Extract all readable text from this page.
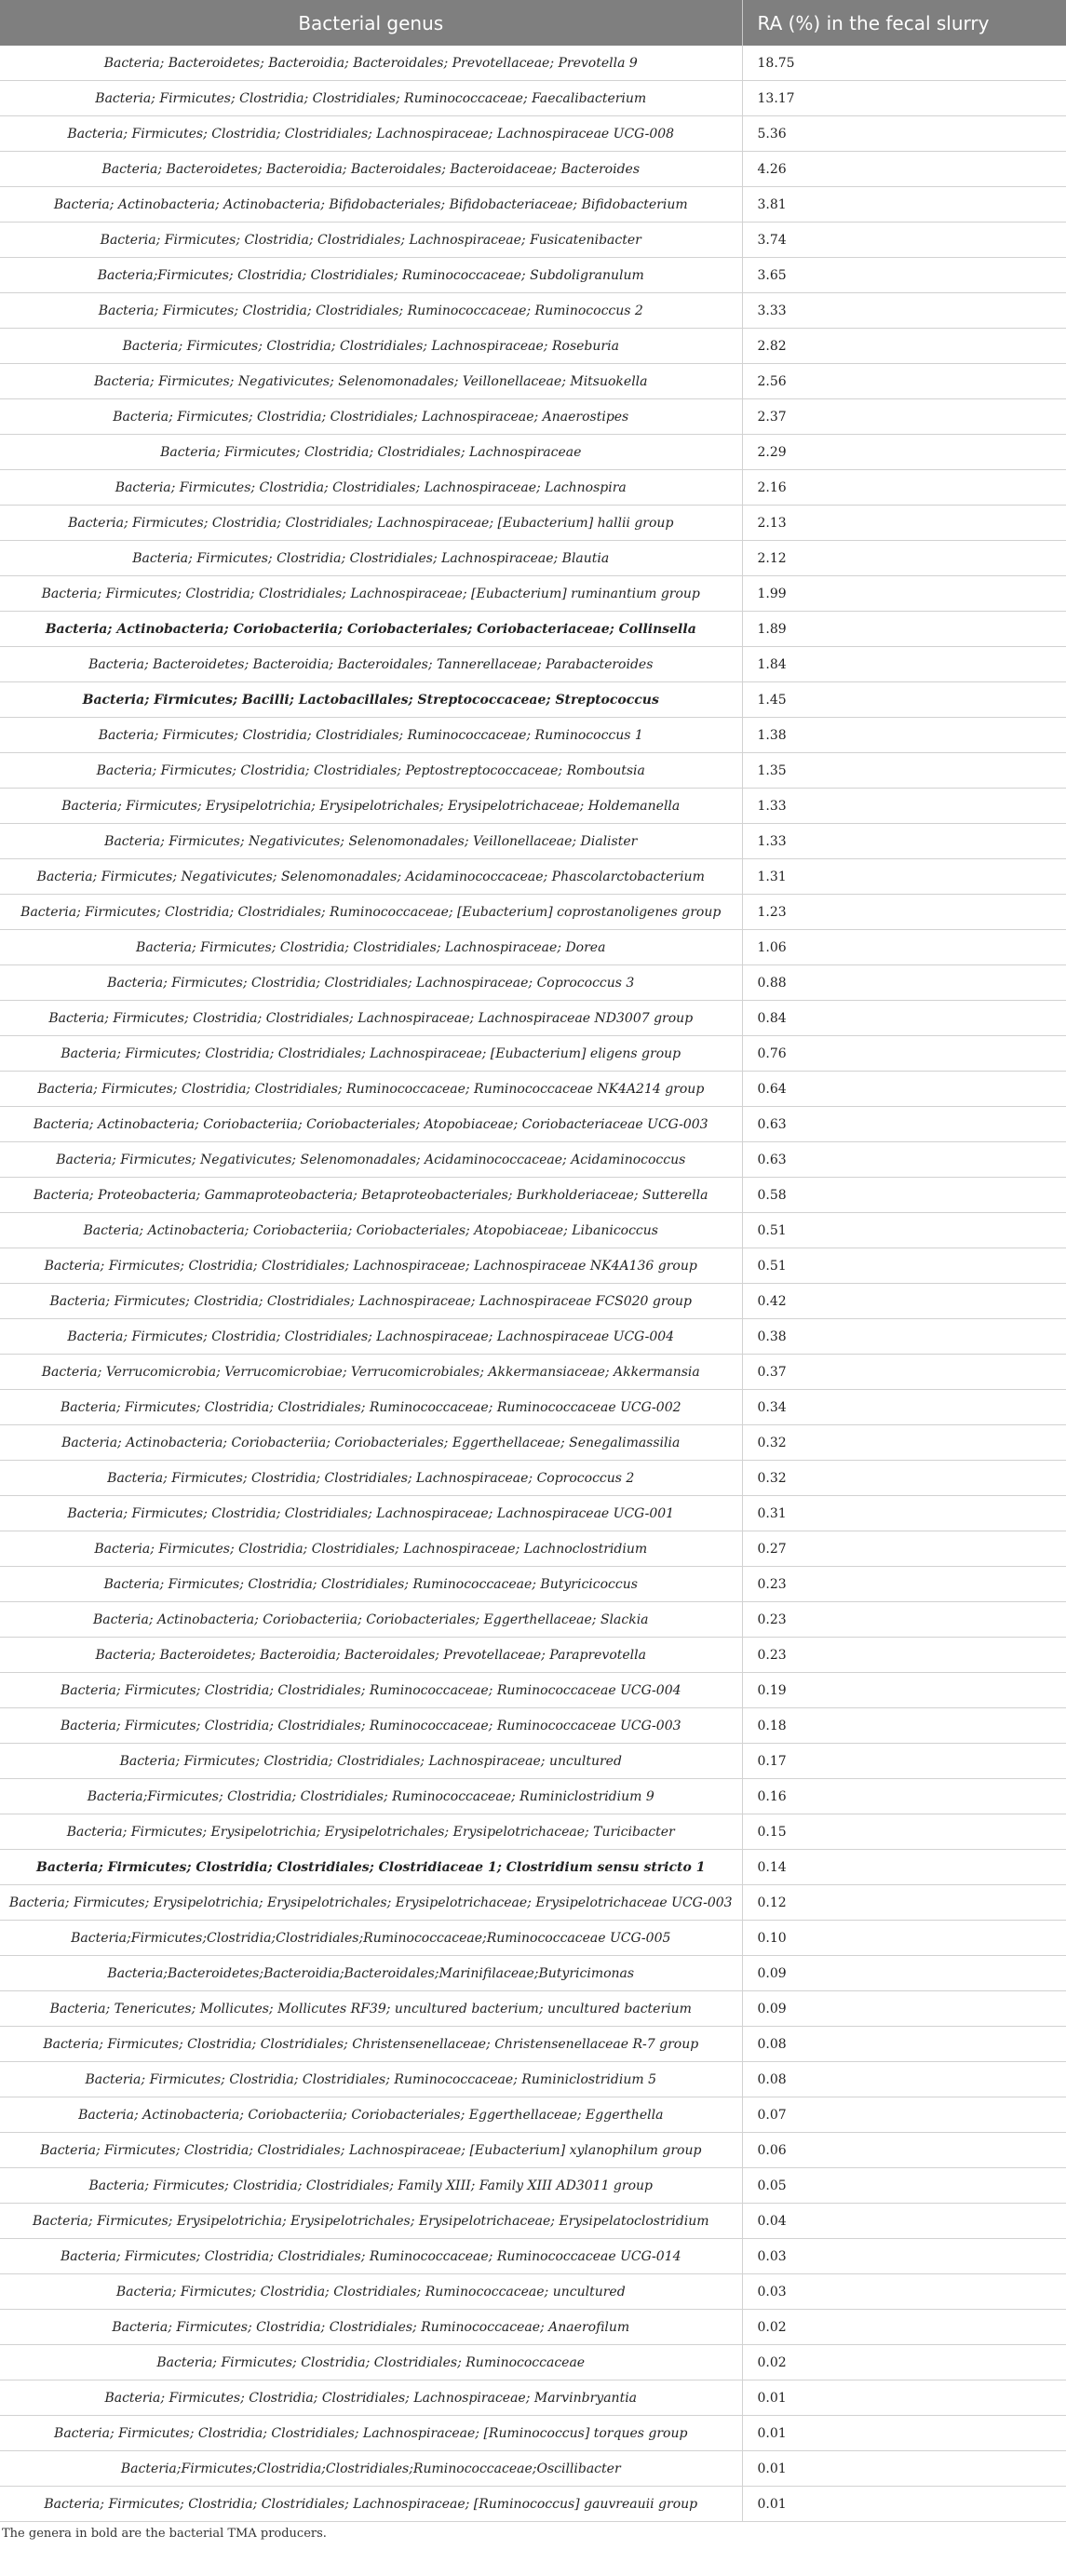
Bacterial genus	RA (%) in the fecal slurry
Bacteria; Bacteroidetes; Bacteroidia; Bacteroidales; Prevotellaceae; Prevotella 9	18.75
Bacteria; Firmicutes; Clostridia; Clostridiales; Ruminococcaceae; Faecalibacterium	13.17
Bacteria; Firmicutes; Clostridia; Clostridiales; Lachnospiraceae; Lachnospiraceae UCG-008	5.36
Bacteria; Bacteroidetes; Bacteroidia; Bacteroidales; Bacteroidaceae; Bacteroides	4.26
Bacteria; Actinobacteria; Actinobacteria; Bifidobacteriales; Bifidobacteriaceae; Bifidobacterium	3.81
Bacteria; Firmicutes; Clostridia; Clostridiales; Lachnospiraceae; Fusicatenibacter	3.74
Bacteria;Firmicutes; Clostridia; Clostridiales; Ruminococcaceae; Subdoligranulum	3.65
Bacteria; Firmicutes; Clostridia; Clostridiales; Ruminococcaceae; Ruminococcus 2	3.33
Bacteria; Firmicutes; Clostridia; Clostridiales; Lachnospiraceae; Roseburia	2.82
Bacteria; Firmicutes; Negativicutes; Selenomonadales; Veillonellaceae; Mitsuokella	2.56
Bacteria; Firmicutes; Clostridia; Clostridiales; Lachnospiraceae; Anaerostipes	2.37
Bacteria; Firmicutes; Clostridia; Clostridiales; Lachnospiraceae	2.29
Bacteria; Firmicutes; Clostridia; Clostridiales; Lachnospiraceae; Lachnospira	2.16
Bacteria; Firmicutes; Clostridia; Clostridiales; Lachnospiraceae; [Eubacterium] hallii group	2.13
Bacteria; Firmicutes; Clostridia; Clostridiales; Lachnospiraceae; Blautia	2.12
Bacteria; Firmicutes; Clostridia; Clostridiales; Lachnospiraceae; [Eubacterium] ruminantium group	1.99
Bacteria; Actinobacteria; Coriobacteriia; Coriobacteriales; Coriobacteriaceae; Collinsella	1.89
Bacteria; Bacteroidetes; Bacteroidia; Bacteroidales; Tannerellaceae; Parabacteroides	1.84
Bacteria; Firmicutes; Bacilli; Lactobacillales; Streptococcaceae; Streptococcus	1.45
Bacteria; Firmicutes; Clostridia; Clostridiales; Ruminococcaceae; Ruminococcus 1	1.38
Bacteria; Firmicutes; Clostridia; Clostridiales; Peptostreptococcaceae; Romboutsia	1.35
Bacteria; Firmicutes; Erysipelotrichia; Erysipelotrichales; Erysipelotrichaceae; Holdemanella	1.33
Bacteria; Firmicutes; Negativicutes; Selenomonadales; Veillonellaceae; Dialister	1.33
Bacteria; Firmicutes; Negativicutes; Selenomonadales; Acidaminococcaceae; Phascolarctobacterium	1.31
Bacteria; Firmicutes; Clostridia; Clostridiales; Ruminococcaceae; [Eubacterium] coprostanoligenes group	1.23
Bacteria; Firmicutes; Clostridia; Clostridiales; Lachnospiraceae; Dorea	1.06
Bacteria; Firmicutes; Clostridia; Clostridiales; Lachnospiraceae; Coprococcus 3	0.88
Bacteria; Firmicutes; Clostridia; Clostridiales; Lachnospiraceae; Lachnospiraceae ND3007 group	0.84
Bacteria; Firmicutes; Clostridia; Clostridiales; Lachnospiraceae; [Eubacterium] eligens group	0.76
Bacteria; Firmicutes; Clostridia; Clostridiales; Ruminococcaceae; Ruminococcaceae NK4A214 group	0.64
Bacteria; Actinobacteria; Coriobacteriia; Coriobacteriales; Atopobiaceae; Coriobacteriaceae UCG-003	0.63
Bacteria; Firmicutes; Negativicutes; Selenomonadales; Acidaminococcaceae; Acidaminococcus	0.63
Bacteria; Proteobacteria; Gammaproteobacteria; Betaproteobacteriales; Burkholderiaceae; Sutterella	0.58
Bacteria; Actinobacteria; Coriobacteriia; Coriobacteriales; Atopobiaceae; Libanicoccus	0.51
Bacteria; Firmicutes; Clostridia; Clostridiales; Lachnospiraceae; Lachnospiraceae NK4A136 group	0.51
Bacteria; Firmicutes; Clostridia; Clostridiales; Lachnospiraceae; Lachnospiraceae FCS020 group	0.42
Bacteria; Firmicutes; Clostridia; Clostridiales; Lachnospiraceae; Lachnospiraceae UCG-004	0.38
Bacteria; Verrucomicrobia; Verrucomicrobiae; Verrucomicrobiales; Akkermansiaceae; Akkermansia	0.37
Bacteria; Firmicutes; Clostridia; Clostridiales; Ruminococcaceae; Ruminococcaceae UCG-002	0.34
Bacteria; Actinobacteria; Coriobacteriia; Coriobacteriales; Eggerthellaceae; Senegalimassilia	0.32
Bacteria; Firmicutes; Clostridia; Clostridiales; Lachnospiraceae; Coprococcus 2	0.32
Bacteria; Firmicutes; Clostridia; Clostridiales; Lachnospiraceae; Lachnospiraceae UCG-001	0.31
Bacteria; Firmicutes; Clostridia; Clostridiales; Lachnospiraceae; Lachnoclostridium	0.27
Bacteria; Firmicutes; Clostridia; Clostridiales; Ruminococcaceae; Butyricicoccus	0.23
Bacteria; Actinobacteria; Coriobacteriia; Coriobacteriales; Eggerthellaceae; Slackia	0.23
Bacteria; Bacteroidetes; Bacteroidia; Bacteroidales; Prevotellaceae; Paraprevotella	0.23
Bacteria; Firmicutes; Clostridia; Clostridiales; Ruminococcaceae; Ruminococcaceae UCG-004	0.19
Bacteria; Firmicutes; Clostridia; Clostridiales; Ruminococcaceae; Ruminococcaceae UCG-003	0.18
Bacteria; Firmicutes; Clostridia; Clostridiales; Lachnospiraceae; uncultured	0.17
Bacteria;Firmicutes; Clostridia; Clostridiales; Ruminococcaceae; Ruminiclostridium 9	0.16
Bacteria; Firmicutes; Erysipelotrichia; Erysipelotrichales; Erysipelotrichaceae; Turicibacter	0.15
Bacteria; Firmicutes; Clostridia; Clostridiales; Clostridiaceae 1; Clostridium sensu stricto 1	0.14
Bacteria; Firmicutes; Erysipelotrichia; Erysipelotrichales; Erysipelotrichaceae; Erysipelotrichaceae UCG-003	0.12
Bacteria;Firmicutes;Clostridia;Clostridiales;Ruminococcaceae;Ruminococcaceae UCG-005	0.10
Bacteria;Bacteroidetes;Bacteroidia;Bacteroidales;Marinifilaceae;Butyricimonas	0.09
Bacteria; Tenericutes; Mollicutes; Mollicutes RF39; uncultured bacterium; uncultured bacterium	0.09
Bacteria; Firmicutes; Clostridia; Clostridiales; Christensenellaceae; Christensenellaceae R-7 group	0.08
Bacteria; Firmicutes; Clostridia; Clostridiales; Ruminococcaceae; Ruminiclostridium 5	0.08
Bacteria; Actinobacteria; Coriobacteriia; Coriobacteriales; Eggerthellaceae; Eggerthella	0.07
Bacteria; Firmicutes; Clostridia; Clostridiales; Lachnospiraceae; [Eubacterium] xylanophilum group	0.06
Bacteria; Firmicutes; Clostridia; Clostridiales; Family XIII; Family XIII AD3011 group	0.05
Bacteria; Firmicutes; Erysipelotrichia; Erysipelotrichales; Erysipelotrichaceae; Erysipelatoclostridium	0.04
Bacteria; Firmicutes; Clostridia; Clostridiales; Ruminococcaceae; Ruminococcaceae UCG-014	0.03
Bacteria; Firmicutes; Clostridia; Clostridiales; Ruminococcaceae; uncultured	0.03
Bacteria; Firmicutes; Clostridia; Clostridiales; Ruminococcaceae; Anaerofilum	0.02
Bacteria; Firmicutes; Clostridia; Clostridiales; Ruminococcaceae	0.02
Bacteria; Firmicutes; Clostridia; Clostridiales; Lachnospiraceae; Marvinbryantia	0.01
Bacteria; Firmicutes; Clostridia; Clostridiales; Lachnospiraceae; [Ruminococcus] torques group	0.01
Bacteria;Firmicutes;Clostridia;Clostridiales;Ruminococcaceae;Oscillibacter	0.01
Bacteria; Firmicutes; Clostridia; Clostridiales; Lachnospiraceae; [Ruminococcus] gauvreauii group	0.01
The genera in bold are the bacterial TMA producers.
